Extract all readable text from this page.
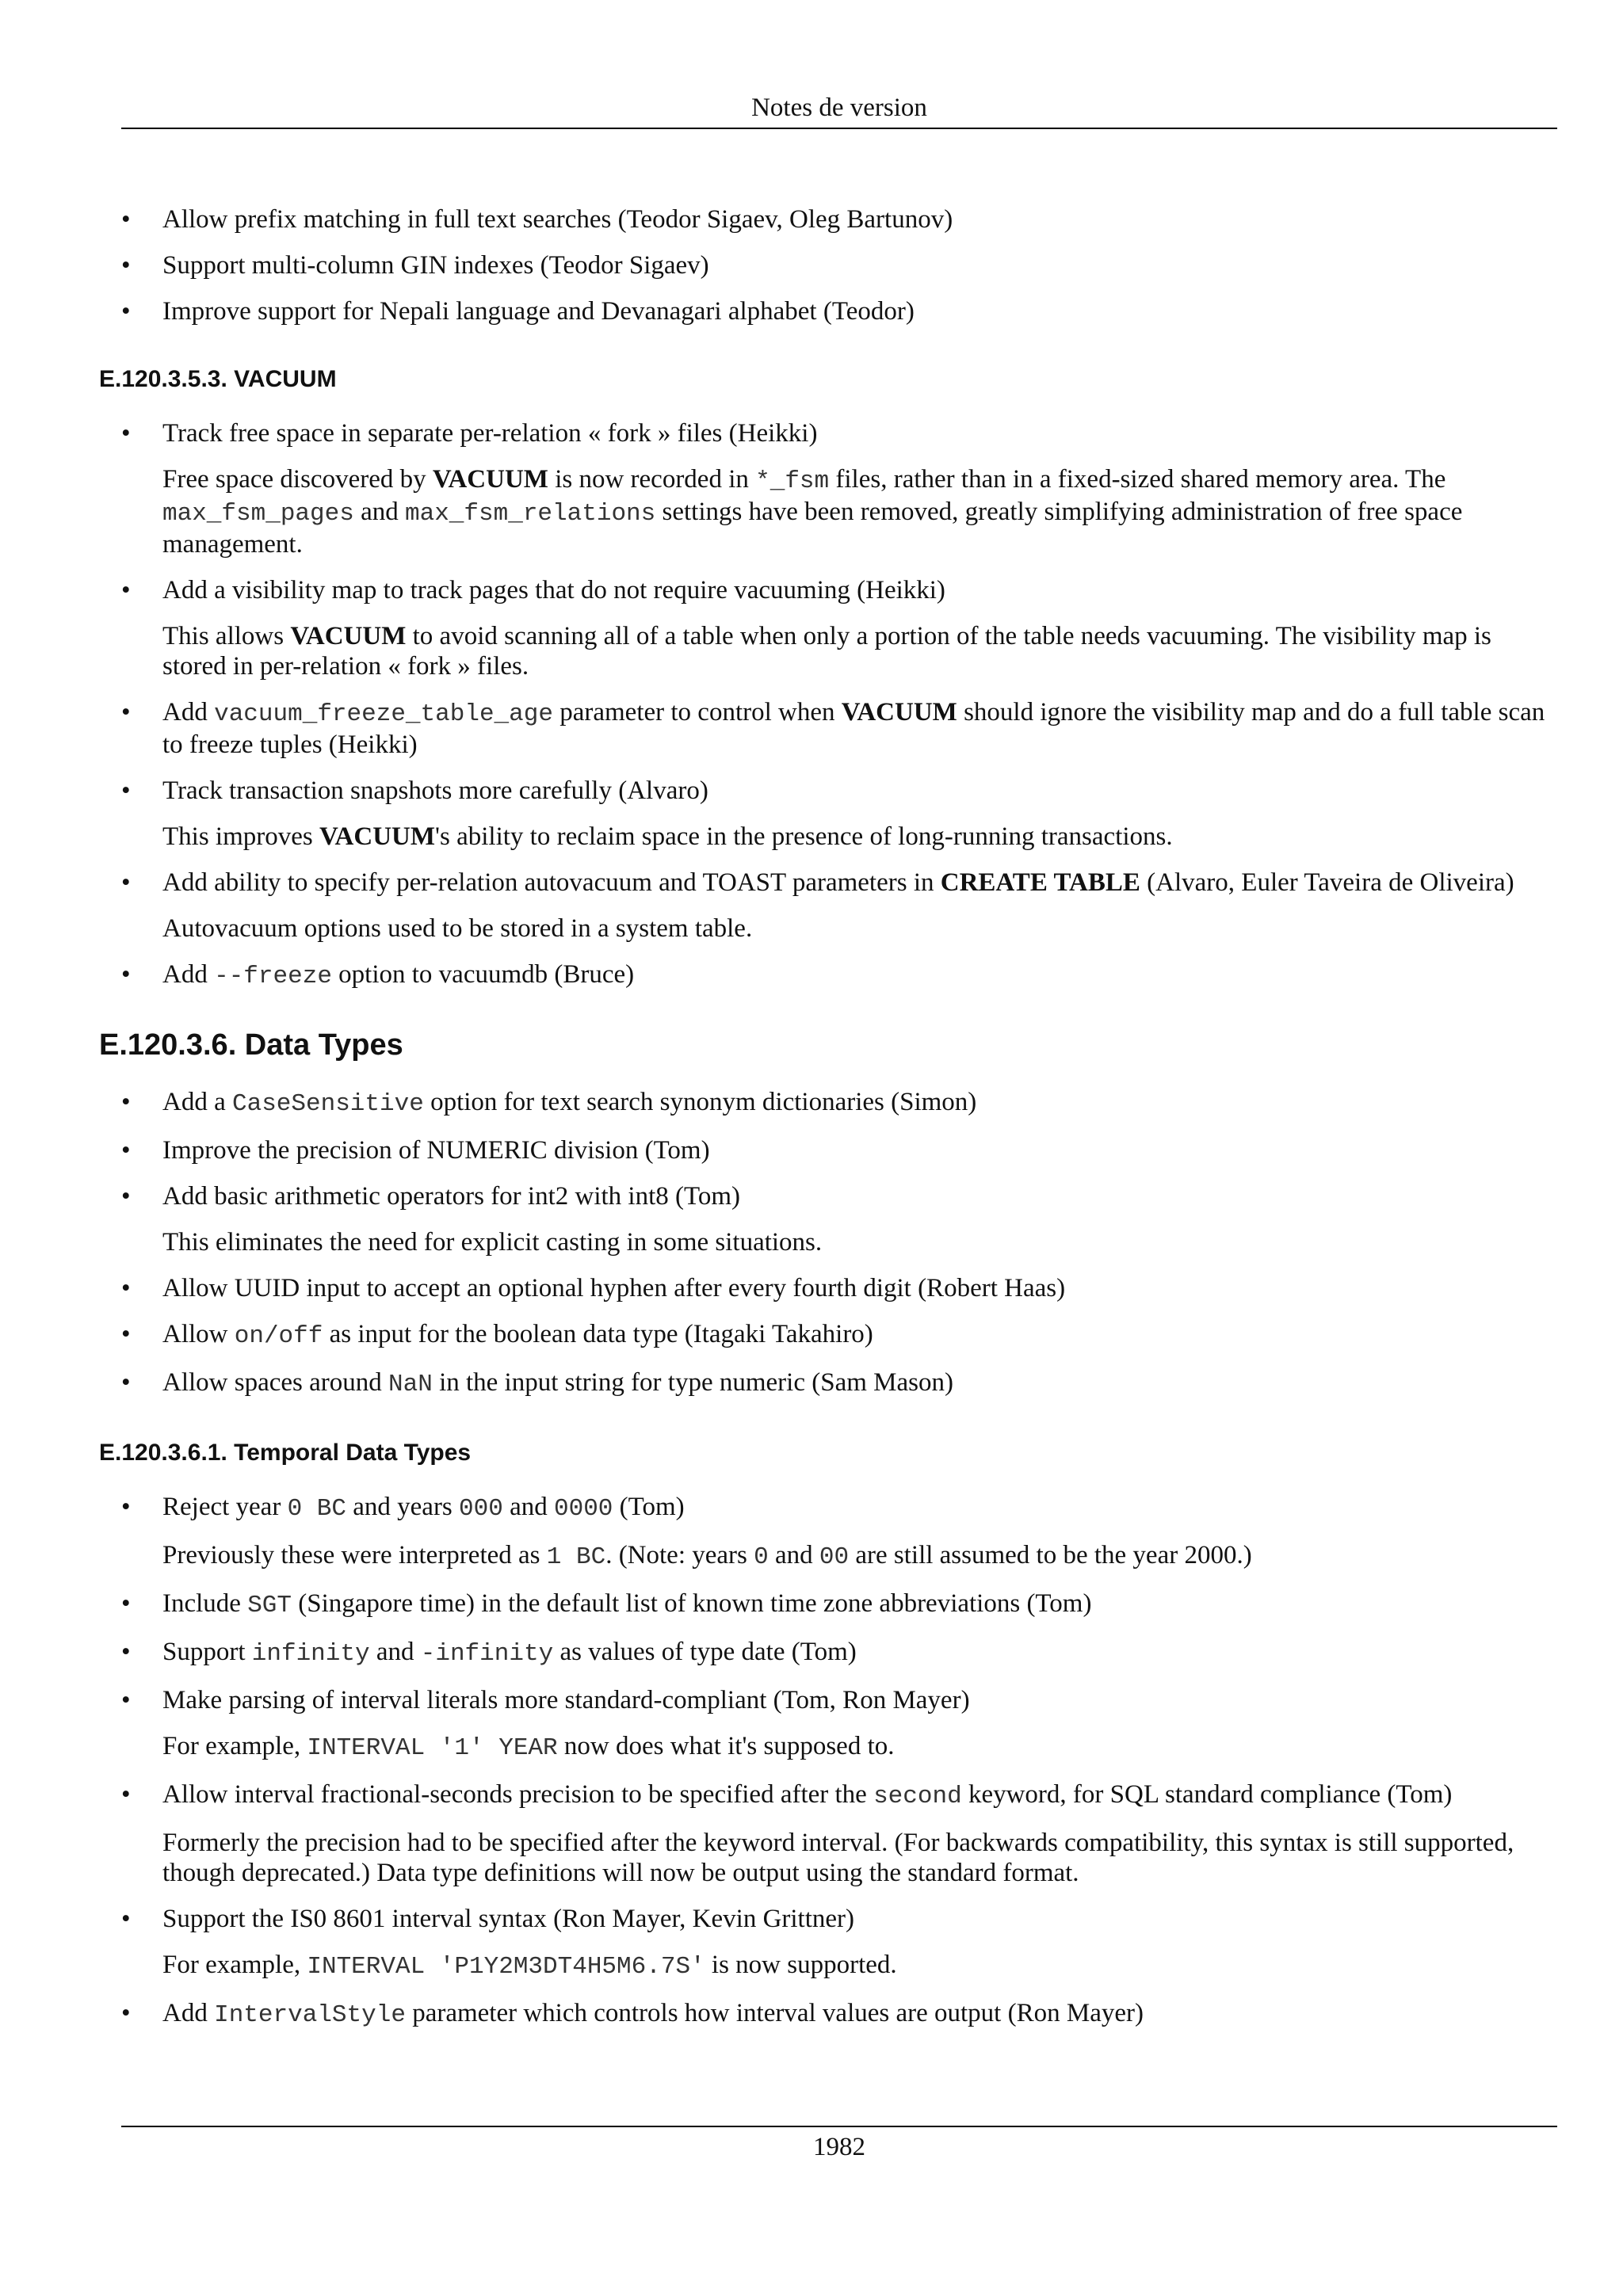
Notes de version
• Allow prefix matching in full text searches (Teodor Sigaev, Oleg Bartunov)

• Support multi-column GIN indexes (Teodor Sigaev)

• Improve support for Nepali language and Devanagari alphabet (Teodor)

E.120.3.5.3. VACUUM
• Track free space in separate per-relation « fork » files (Heikki)

Free space discovered by VACUUM is now recorded in *_fsm files, rather than in a fixed-sized shared memory area. The max_fsm_pages and max_fsm_relations settings have been removed, greatly simplifying administration of free space management.

• Add a visibility map to track pages that do not require vacuuming (Heikki)

This allows VACUUM to avoid scanning all of a table when only a portion of the table needs vacuuming. The visibility map is stored in per-relation « fork » files.

• Add vacuum_freeze_table_age parameter to control when VACUUM should ignore the visibility map and do a full table scan to freeze tuples (Heikki)

• Track transaction snapshots more carefully (Alvaro)

This improves VACUUM's ability to reclaim space in the presence of long-running transactions.

• Add ability to specify per-relation autovacuum and TOAST parameters in CREATE TABLE (Alvaro, Euler Taveira de Oliveira)

Autovacuum options used to be stored in a system table.

• Add --freeze option to vacuumdb (Bruce)

E.120.3.6. Data Types
• Add a CaseSensitive option for text search synonym dictionaries (Simon)

• Improve the precision of NUMERIC division (Tom)

• Add basic arithmetic operators for int2 with int8 (Tom)

This eliminates the need for explicit casting in some situations.

• Allow UUID input to accept an optional hyphen after every fourth digit (Robert Haas)

• Allow on/off as input for the boolean data type (Itagaki Takahiro)

• Allow spaces around NaN in the input string for type numeric (Sam Mason)

E.120.3.6.1. Temporal Data Types
• Reject year 0 BC and years 000 and 0000 (Tom)

Previously these were interpreted as 1 BC. (Note: years 0 and 00 are still assumed to be the year 2000.)

• Include SGT (Singapore time) in the default list of known time zone abbreviations (Tom)

• Support infinity and -infinity as values of type date (Tom)

• Make parsing of interval literals more standard-compliant (Tom, Ron Mayer)

For example, INTERVAL '1' YEAR now does what it's supposed to.

• Allow interval fractional-seconds precision to be specified after the second keyword, for SQL standard compliance (Tom)

Formerly the precision had to be specified after the keyword interval. (For backwards compatibility, this syntax is still supported, though deprecated.) Data type definitions will now be output using the standard format.

• Support the IS0 8601 interval syntax (Ron Mayer, Kevin Grittner)

For example, INTERVAL 'P1Y2M3DT4H5M6.7S' is now supported.

• Add IntervalStyle parameter which controls how interval values are output (Ron Mayer)

1982
